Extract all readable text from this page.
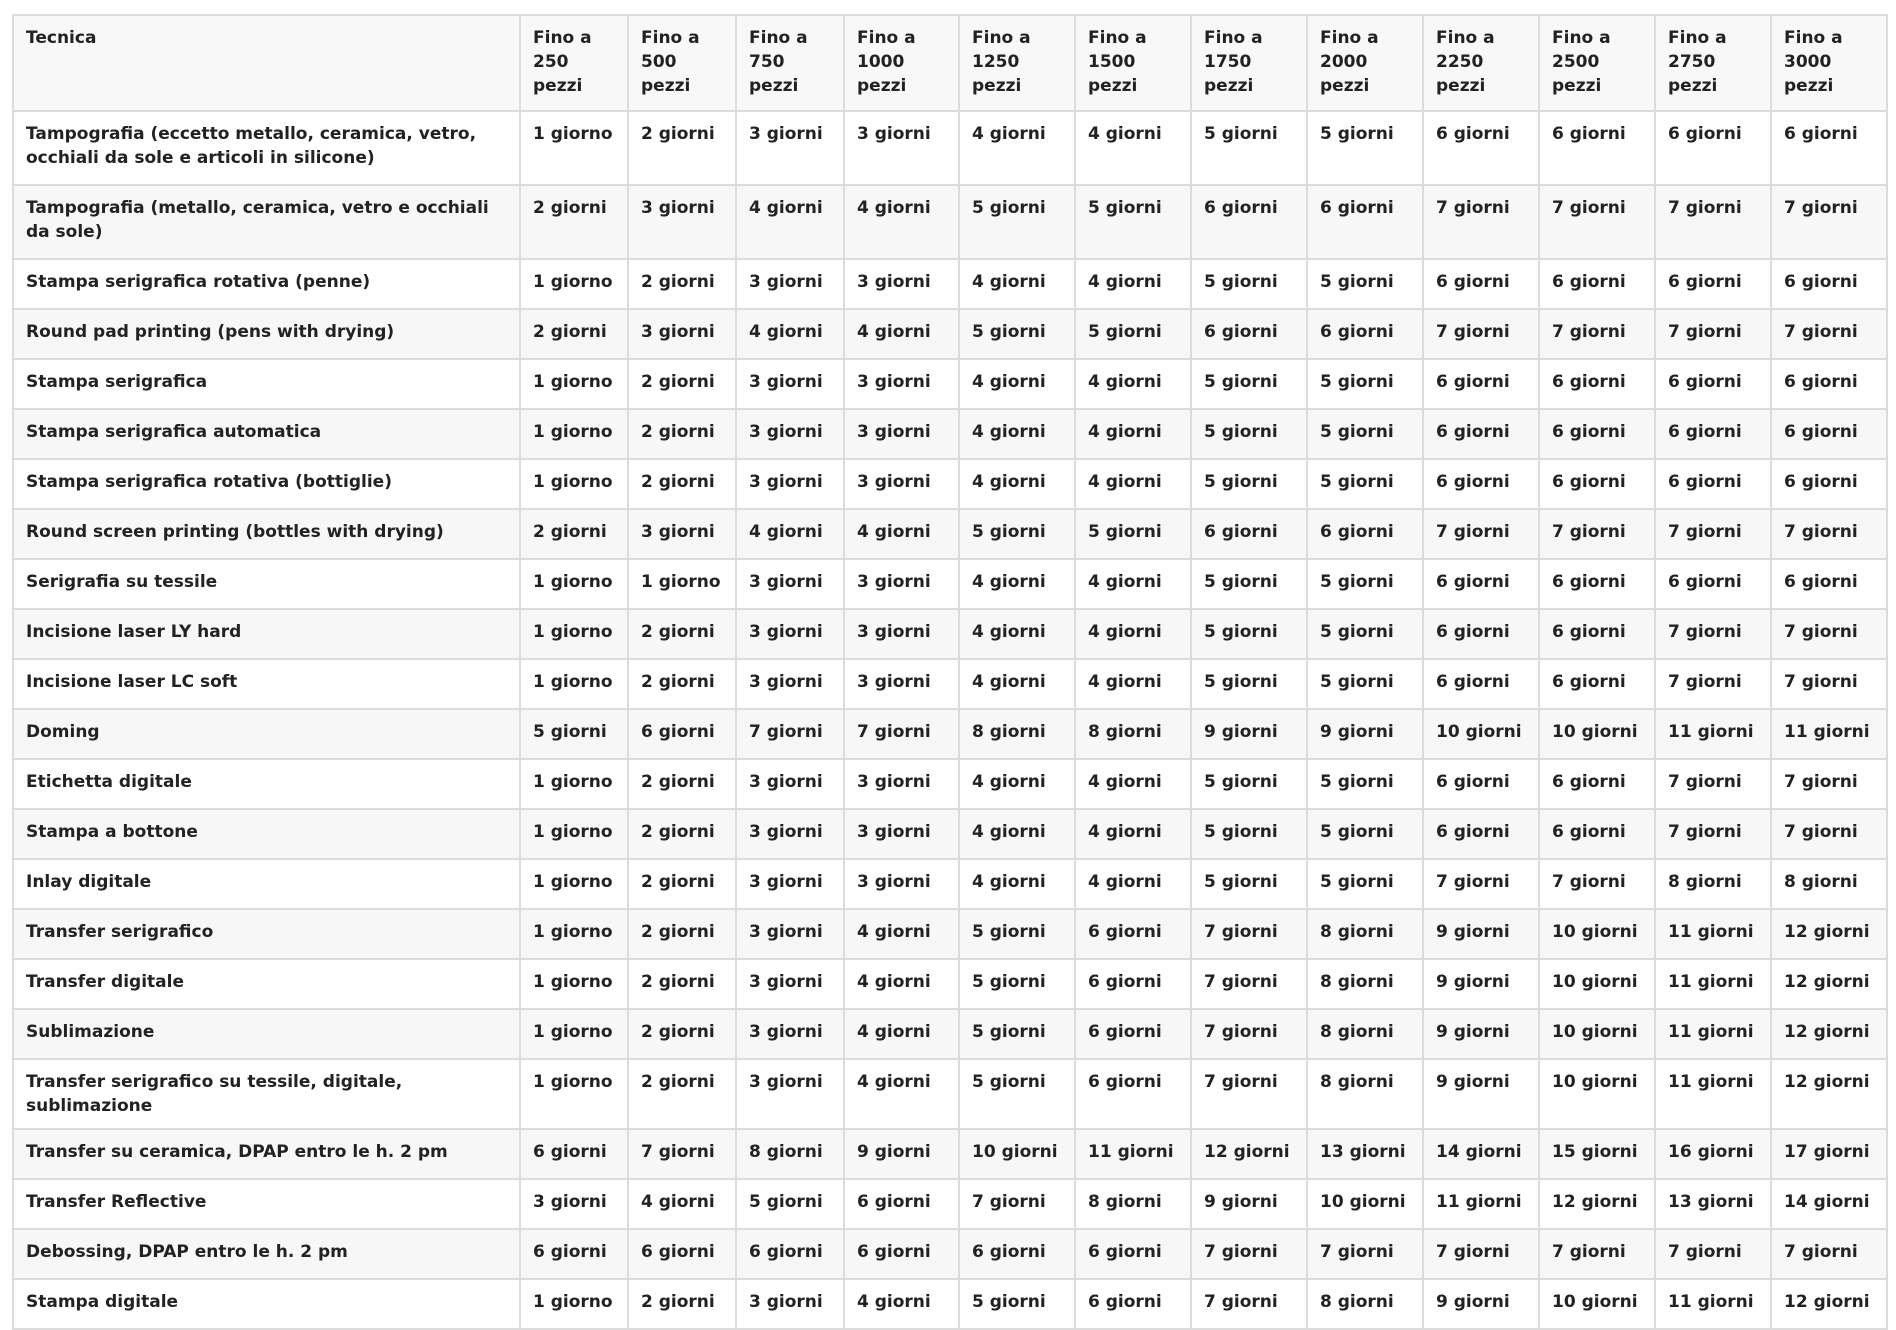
Tecnica	Fino a 250 pezzi	Fino a 500 pezzi	Fino a 750 pezzi	Fino a 1000 pezzi	Fino a 1250 pezzi	Fino a 1500 pezzi	Fino a 1750 pezzi	Fino a 2000 pezzi	Fino a 2250 pezzi	Fino a 2500 pezzi	Fino a 2750 pezzi	Fino a 3000 pezzi
Tampografia (eccetto metallo, ceramica, vetro, occhiali da sole e articoli in silicone)	1 giorno	2 giorni	3 giorni	3 giorni	4 giorni	4 giorni	5 giorni	5 giorni	6 giorni	6 giorni	6 giorni	6 giorni
Tampografia (metallo, ceramica, vetro e occhiali da sole)	2 giorni	3 giorni	4 giorni	4 giorni	5 giorni	5 giorni	6 giorni	6 giorni	7 giorni	7 giorni	7 giorni	7 giorni
Stampa serigrafica rotativa (penne)	1 giorno	2 giorni	3 giorni	3 giorni	4 giorni	4 giorni	5 giorni	5 giorni	6 giorni	6 giorni	6 giorni	6 giorni
Round pad printing (pens with drying)	2 giorni	3 giorni	4 giorni	4 giorni	5 giorni	5 giorni	6 giorni	6 giorni	7 giorni	7 giorni	7 giorni	7 giorni
Stampa serigrafica	1 giorno	2 giorni	3 giorni	3 giorni	4 giorni	4 giorni	5 giorni	5 giorni	6 giorni	6 giorni	6 giorni	6 giorni
Stampa serigrafica automatica	1 giorno	2 giorni	3 giorni	3 giorni	4 giorni	4 giorni	5 giorni	5 giorni	6 giorni	6 giorni	6 giorni	6 giorni
Stampa serigrafica rotativa (bottiglie)	1 giorno	2 giorni	3 giorni	3 giorni	4 giorni	4 giorni	5 giorni	5 giorni	6 giorni	6 giorni	6 giorni	6 giorni
Round screen printing (bottles with drying)	2 giorni	3 giorni	4 giorni	4 giorni	5 giorni	5 giorni	6 giorni	6 giorni	7 giorni	7 giorni	7 giorni	7 giorni
Serigrafia su tessile	1 giorno	1 giorno	3 giorni	3 giorni	4 giorni	4 giorni	5 giorni	5 giorni	6 giorni	6 giorni	6 giorni	6 giorni
Incisione laser LY hard	1 giorno	2 giorni	3 giorni	3 giorni	4 giorni	4 giorni	5 giorni	5 giorni	6 giorni	6 giorni	7 giorni	7 giorni
Incisione laser LC soft	1 giorno	2 giorni	3 giorni	3 giorni	4 giorni	4 giorni	5 giorni	5 giorni	6 giorni	6 giorni	7 giorni	7 giorni
Doming	5 giorni	6 giorni	7 giorni	7 giorni	8 giorni	8 giorni	9 giorni	9 giorni	10 giorni	10 giorni	11 giorni	11 giorni
Etichetta digitale	1 giorno	2 giorni	3 giorni	3 giorni	4 giorni	4 giorni	5 giorni	5 giorni	6 giorni	6 giorni	7 giorni	7 giorni
Stampa a bottone	1 giorno	2 giorni	3 giorni	3 giorni	4 giorni	4 giorni	5 giorni	5 giorni	6 giorni	6 giorni	7 giorni	7 giorni
Inlay digitale	1 giorno	2 giorni	3 giorni	3 giorni	4 giorni	4 giorni	5 giorni	5 giorni	7 giorni	7 giorni	8 giorni	8 giorni
Transfer serigrafico	1 giorno	2 giorni	3 giorni	4 giorni	5 giorni	6 giorni	7 giorni	8 giorni	9 giorni	10 giorni	11 giorni	12 giorni
Transfer digitale	1 giorno	2 giorni	3 giorni	4 giorni	5 giorni	6 giorni	7 giorni	8 giorni	9 giorni	10 giorni	11 giorni	12 giorni
Sublimazione	1 giorno	2 giorni	3 giorni	4 giorni	5 giorni	6 giorni	7 giorni	8 giorni	9 giorni	10 giorni	11 giorni	12 giorni
Transfer serigrafico su tessile, digitale, sublimazione	1 giorno	2 giorni	3 giorni	4 giorni	5 giorni	6 giorni	7 giorni	8 giorni	9 giorni	10 giorni	11 giorni	12 giorni
Transfer su ceramica, DPAP entro le h. 2 pm	6 giorni	7 giorni	8 giorni	9 giorni	10 giorni	11 giorni	12 giorni	13 giorni	14 giorni	15 giorni	16 giorni	17 giorni
Transfer Reflective	3 giorni	4 giorni	5 giorni	6 giorni	7 giorni	8 giorni	9 giorni	10 giorni	11 giorni	12 giorni	13 giorni	14 giorni
Debossing, DPAP entro le h. 2 pm	6 giorni	6 giorni	6 giorni	6 giorni	6 giorni	6 giorni	7 giorni	7 giorni	7 giorni	7 giorni	7 giorni	7 giorni
Stampa digitale	1 giorno	2 giorni	3 giorni	4 giorni	5 giorni	6 giorni	7 giorni	8 giorni	9 giorni	10 giorni	11 giorni	12 giorni
